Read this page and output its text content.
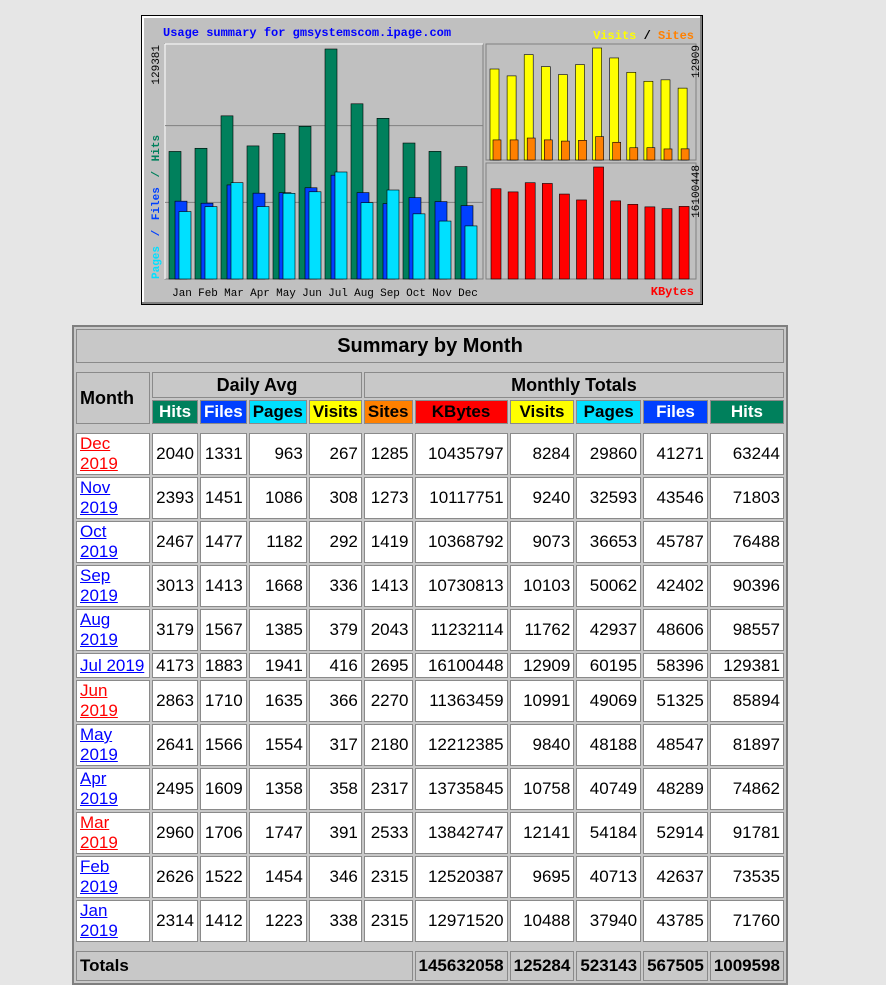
Jan Feb Mar Apr May Jun Jul Aug Sep Oct Nov Dec
Usage summary for gmsystemscom.ipage.com
129381
Pages / Files / Hits
Visits / Sites
12909
16100448
KBytes
Summary by Month										

Month	Daily Avg				Monthly Totals					
	Hits	Files	Pages	Visits	Sites	KBytes	Visits	Pages	Files	Hits

Dec 2019	2040	1331	963	267	1285	10435797	8284	29860	41271	63244
Nov 2019	2393	1451	1086	308	1273	10117751	9240	32593	43546	71803
Oct 2019	2467	1477	1182	292	1419	10368792	9073	36653	45787	76488
Sep 2019	3013	1413	1668	336	1413	10730813	10103	50062	42402	90396
Aug 2019	3179	1567	1385	379	2043	11232114	11762	42937	48606	98557
Jul 2019	4173	1883	1941	416	2695	16100448	12909	60195	58396	129381
Jun 2019	2863	1710	1635	366	2270	11363459	10991	49069	51325	85894
May 2019	2641	1566	1554	317	2180	12212385	9840	48188	48547	81897
Apr 2019	2495	1609	1358	358	2317	13735845	10758	40749	48289	74862
Mar 2019	2960	1706	1747	391	2533	13842747	12141	54184	52914	91781
Feb 2019	2626	1522	1454	346	2315	12520387	9695	40713	42637	73535
Jan 2019	2314	1412	1223	338	2315	12971520	10488	37940	43785	71760

Totals						145632058	125284	523143	567505	1009598
